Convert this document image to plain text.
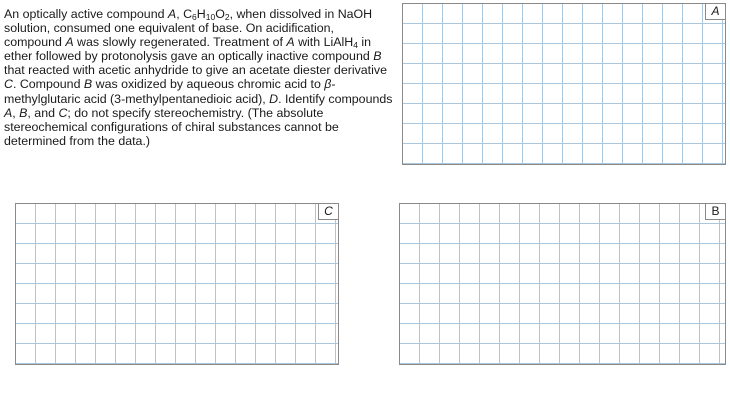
An optically active compound A, $C_6H_{10}O_2$, when dissolved in NaOH solution, consumed one equivalent of base. On acidification, compound A was slowly regenerated. Treatment of A with LiAlH$_4$ in ether followed by protonolysis gave an optically inactive compound B that reacted with acetic anhydride to give an acetate diester derivative C. Compound B was oxidized by aqueous chromic acid to β-methylglutaric acid (3-methylpentanedioic acid), D. Identify compounds A, B, and C; do not specify stereochemistry. (The absolute stereochemical configurations of chiral substances cannot be determined from the data.)

A
C	B
